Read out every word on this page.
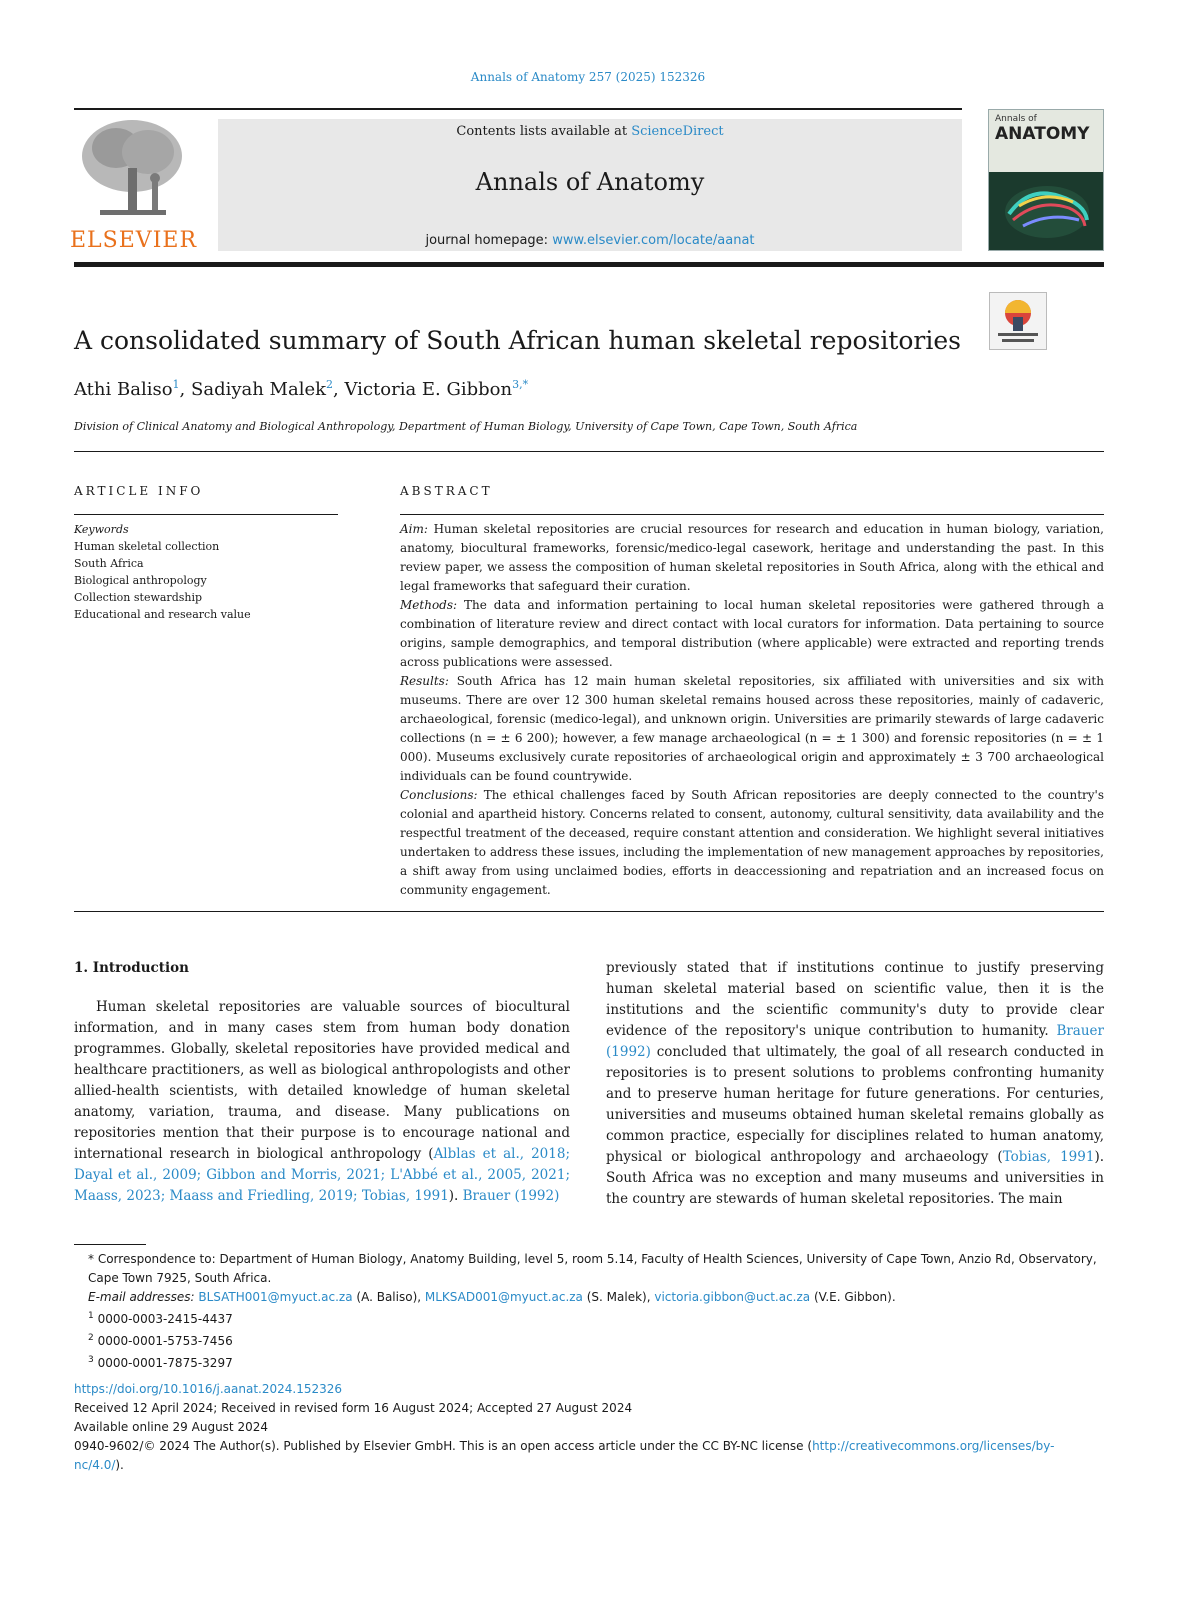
Annals of Anatomy 257 (2025) 152326
ELSEVIER
Contents lists available at ScienceDirect
Annals of Anatomy
journal homepage: www.elsevier.com/locate/aanat
Annals of
ANATOMY
A consolidated summary of South African human skeletal repositories
Athi Baliso$^1$, Sadiyah Malek$^2$, Victoria E. Gibbon$^{3,*}$
Division of Clinical Anatomy and Biological Anthropology, Department of Human Biology, University of Cape Town, Cape Town, South Africa
ARTICLE INFO	ABSTRACT
Keywords
Human skeletal collection
South Africa
Biological anthropology
Collection stewardship
Educational and research value

Aim: Human skeletal repositories are crucial resources for research and education in human biology, variation, anatomy, biocultural frameworks, forensic/medico-legal casework, heritage and understanding the past. In this review paper, we assess the composition of human skeletal repositories in South Africa, along with the ethical and legal frameworks that safeguard their curation.

Methods: The data and information pertaining to local human skeletal repositories were gathered through a combination of literature review and direct contact with local curators for information. Data pertaining to source origins, sample demographics, and temporal distribution (where applicable) were extracted and reporting trends across publications were assessed.

Results: South Africa has 12 main human skeletal repositories, six affiliated with universities and six with museums. There are over 12 300 human skeletal remains housed across these repositories, mainly of cadaveric, archaeological, forensic (medico-legal), and unknown origin. Universities are primarily stewards of large cadaveric collections (n = ± 6 200); however, a few manage archaeological (n = ± 1 300) and forensic repositories (n = ± 1 000). Museums exclusively curate repositories of archaeological origin and approximately ± 3 700 archaeological individuals can be found countrywide.

Conclusions: The ethical challenges faced by South African repositories are deeply connected to the country's colonial and apartheid history. Concerns related to consent, autonomy, cultural sensitivity, data availability and the respectful treatment of the deceased, require constant attention and consideration. We highlight several initiatives undertaken to address these issues, including the implementation of new management approaches by repositories, a shift away from using unclaimed bodies, efforts in deaccessioning and repatriation and an increased focus on community engagement.

1. Introduction

Human skeletal repositories are valuable sources of biocultural information, and in many cases stem from human body donation programmes. Globally, skeletal repositories have provided medical and healthcare practitioners, as well as biological anthropologists and other allied-health scientists, with detailed knowledge of human skeletal anatomy, variation, trauma, and disease. Many publications on repositories mention that their purpose is to encourage national and international research in biological anthropology (Alblas et al., 2018; Dayal et al., 2009; Gibbon and Morris, 2021; L'Abbé et al., 2005, 2021; Maass, 2023; Maass and Friedling, 2019; Tobias, 1991). Brauer (1992)

previously stated that if institutions continue to justify preserving human skeletal material based on scientific value, then it is the institutions and the scientific community's duty to provide clear evidence of the repository's unique contribution to humanity. Brauer (1992) concluded that ultimately, the goal of all research conducted in repositories is to present solutions to problems confronting humanity and to preserve human heritage for future generations. For centuries, universities and museums obtained human skeletal remains globally as common practice, especially for disciplines related to human anatomy, physical or biological anthropology and archaeology (Tobias, 1991). South Africa was no exception and many museums and universities in the country are stewards of human skeletal repositories. The main

* Correspondence to: Department of Human Biology, Anatomy Building, level 5, room 5.14, Faculty of Health Sciences, University of Cape Town, Anzio Rd, Observatory, Cape Town 7925, South Africa.
E-mail addresses: BLSATH001@myuct.ac.za (A. Baliso), MLKSAD001@myuct.ac.za (S. Malek), victoria.gibbon@uct.ac.za (V.E. Gibbon).
$^1$ 0000-0003-2415-4437
$^2$ 0000-0001-5753-7456
$^3$ 0000-0001-7875-3297
https://doi.org/10.1016/j.aanat.2024.152326
Received 12 April 2024; Received in revised form 16 August 2024; Accepted 27 August 2024
Available online 29 August 2024
0940-9602/© 2024 The Author(s). Published by Elsevier GmbH. This is an open access article under the CC BY-NC license (http://creativecommons.org/licenses/by-nc/4.0/).
